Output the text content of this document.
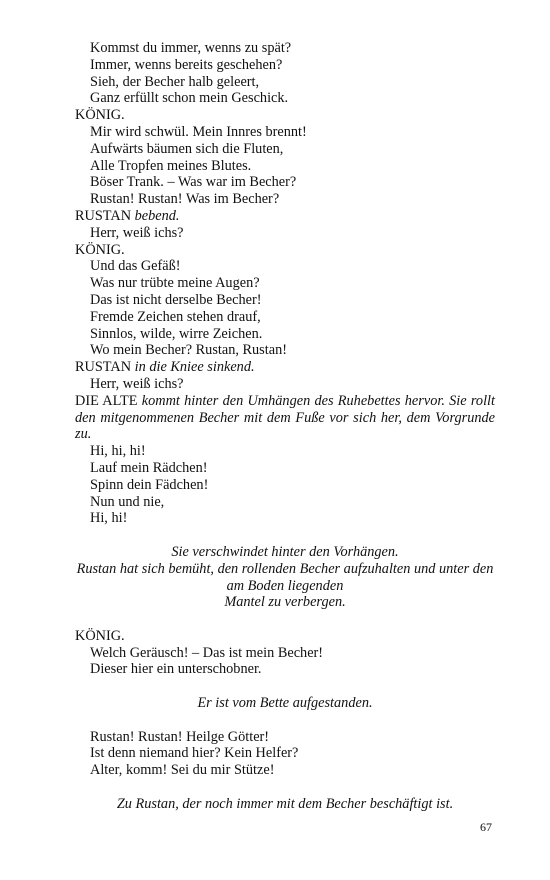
Kommst du immer, wenns zu spät?
Immer, wenns bereits geschehen?
Sieh, der Becher halb geleert,
Ganz erfüllt schon mein Geschick.
KÖNIG.
Mir wird schwül. Mein Innres brennt!
Aufwärts bäumen sich die Fluten,
Alle Tropfen meines Blutes.
Böser Trank. – Was war im Becher?
Rustan! Rustan! Was im Becher?
RUSTAN bebend.
Herr, weiß ichs?
KÖNIG.
Und das Gefäß!
Was nur trübte meine Augen?
Das ist nicht derselbe Becher!
Fremde Zeichen stehen drauf,
Sinnlos, wilde, wirre Zeichen.
Wo mein Becher? Rustan, Rustan!
RUSTAN in die Kniee sinkend.
Herr, weiß ichs?
DIE ALTE kommt hinter den Umhängen des Ruhebettes hervor. Sie rollt den mitgenommenen Becher mit dem Fuße vor sich her, dem Vorgrunde zu.
Hi, hi, hi!
Lauf mein Rädchen!
Spinn dein Fädchen!
Nun und nie,
Hi, hi!
Sie verschwindet hinter den Vorhängen.
Rustan hat sich bemüht, den rollenden Becher aufzuhalten und unter den am Boden liegenden
Mantel zu verbergen.
KÖNIG.
Welch Geräusch! – Das ist mein Becher!
Dieser hier ein unterschobner.
Er ist vom Bette aufgestanden.
Rustan! Rustan! Heilge Götter!
Ist denn niemand hier? Kein Helfer?
Alter, komm! Sei du mir Stütze!
Zu Rustan, der noch immer mit dem Becher beschäftigt ist.
67
